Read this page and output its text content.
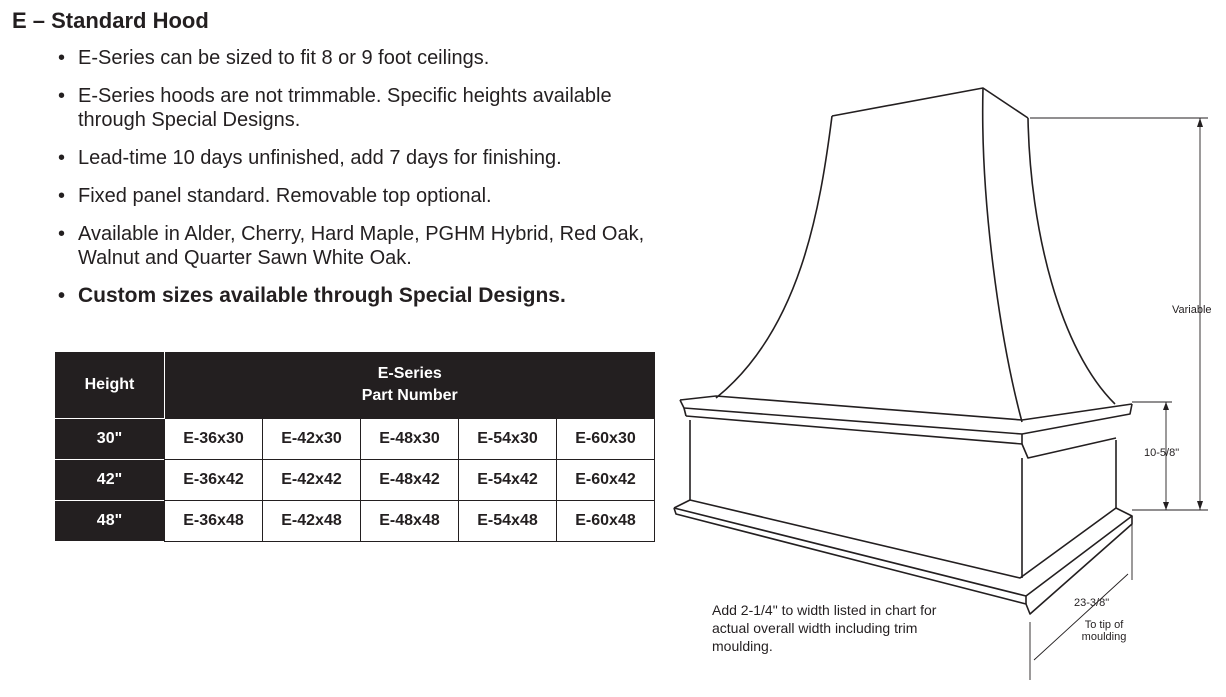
E – Standard Hood
• E-Series can be sized to fit 8 or 9 foot ceilings.
• E-Series hoods are not trimmable. Specific heights available through Special Designs.
• Lead-time 10 days unfinished, add 7 days for finishing.
• Fixed panel standard. Removable top optional.
• Available in Alder, Cherry, Hard Maple, PGHM Hybrid, Red Oak, Walnut and Quarter Sawn White Oak.
• Custom sizes available through Special Designs.
Height	E-Series
Part Number				

30"	E-36x30	E-42x30	E-48x30	E-54x30	E-60x30
42"	E-36x42	E-42x42	E-48x42	E-54x42	E-60x42
48"	E-36x48	E-42x48	E-48x48	E-54x48	E-60x48
Variable
10-5/8"
23-3/8"
To tip of moulding
Add 2-1/4" to width listed in chart for actual overall width including trim moulding.
